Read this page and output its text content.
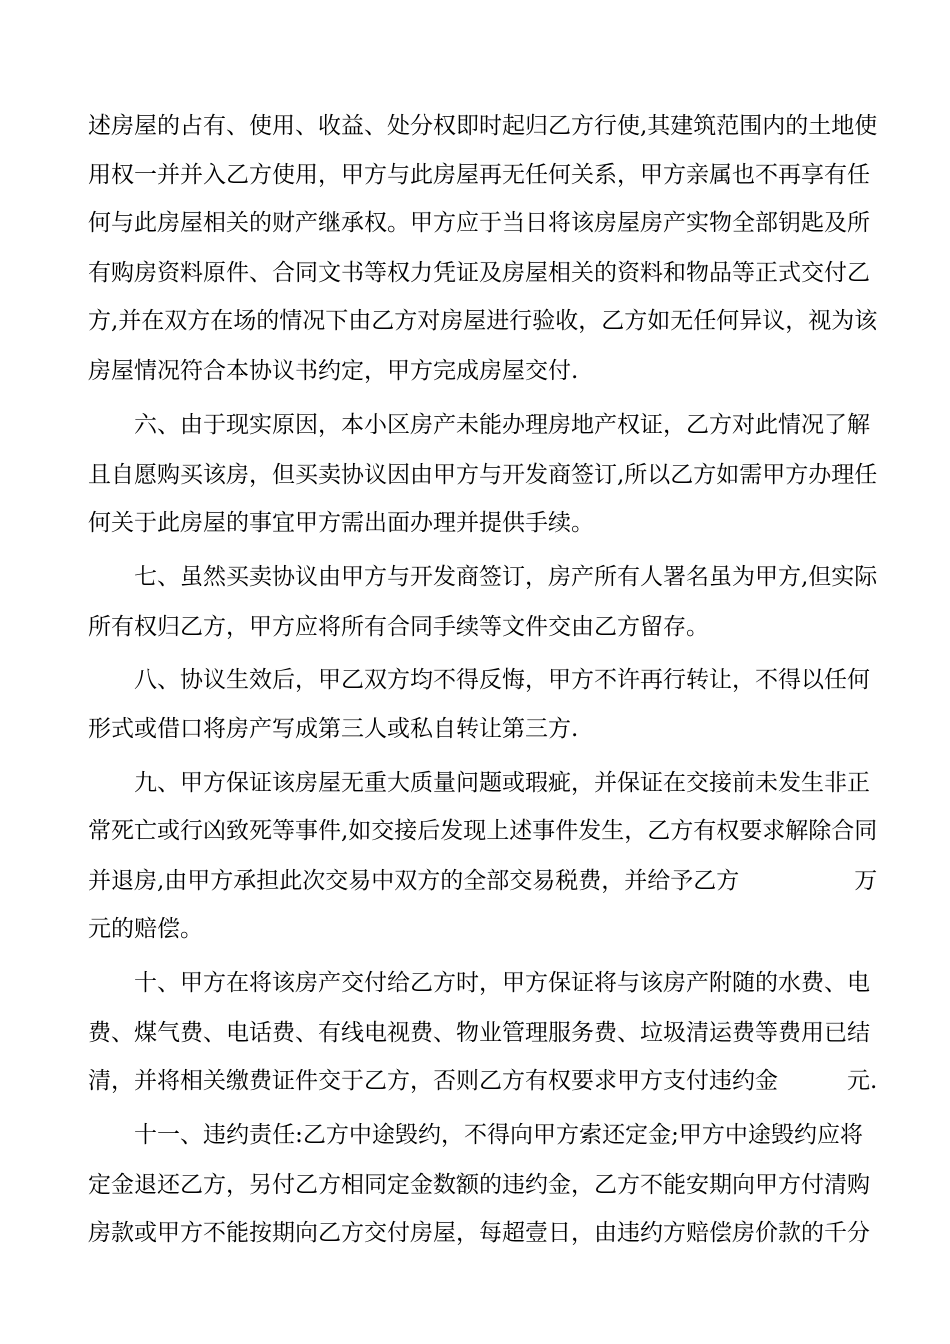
述房屋的占有、使用、收益、处分权即时起归乙方行使,其建筑范围内的土地使
用权一并并入乙方使用，甲方与此房屋再无任何关系，甲方亲属也不再享有任
何与此房屋相关的财产继承权。甲方应于当日将该房屋房产实物全部钥匙及所
有购房资料原件、合同文书等权力凭证及房屋相关的资料和物品等正式交付乙
方,并在双方在场的情况下由乙方对房屋进行验收，乙方如无任何异议，视为该
房屋情况符合本协议书约定，甲方完成房屋交付.
六、由于现实原因，本小区房产未能办理房地产权证，乙方对此情况了解
且自愿购买该房，但买卖协议因由甲方与开发商签订,所以乙方如需甲方办理任
何关于此房屋的事宜甲方需出面办理并提供手续。
七、虽然买卖协议由甲方与开发商签订，房产所有人署名虽为甲方,但实际
所有权归乙方，甲方应将所有合同手续等文件交由乙方留存。
八、协议生效后，甲乙双方均不得反悔，甲方不许再行转让，不得以任何
形式或借口将房产写成第三人或私自转让第三方.
九、甲方保证该房屋无重大质量问题或瑕疵，并保证在交接前未发生非正
常死亡或行凶致死等事件,如交接后发现上述事件发生，乙方有权要求解除合同
并退房,由甲方承担此次交易中双方的全部交易税费，并给予乙方　　　　　万
元的赔偿。
十、甲方在将该房产交付给乙方时，甲方保证将与该房产附随的水费、电
费、煤气费、电话费、有线电视费、物业管理服务费、垃圾清运费等费用已结
清，并将相关缴费证件交于乙方，否则乙方有权要求甲方支付违约金　　　元.
十一、违约责任:乙方中途毁约，不得向甲方索还定金;甲方中途毁约应将
定金退还乙方，另付乙方相同定金数额的违约金，乙方不能安期向甲方付清购
房款或甲方不能按期向乙方交付房屋，每超壹日，由违约方赔偿房价款的千分
